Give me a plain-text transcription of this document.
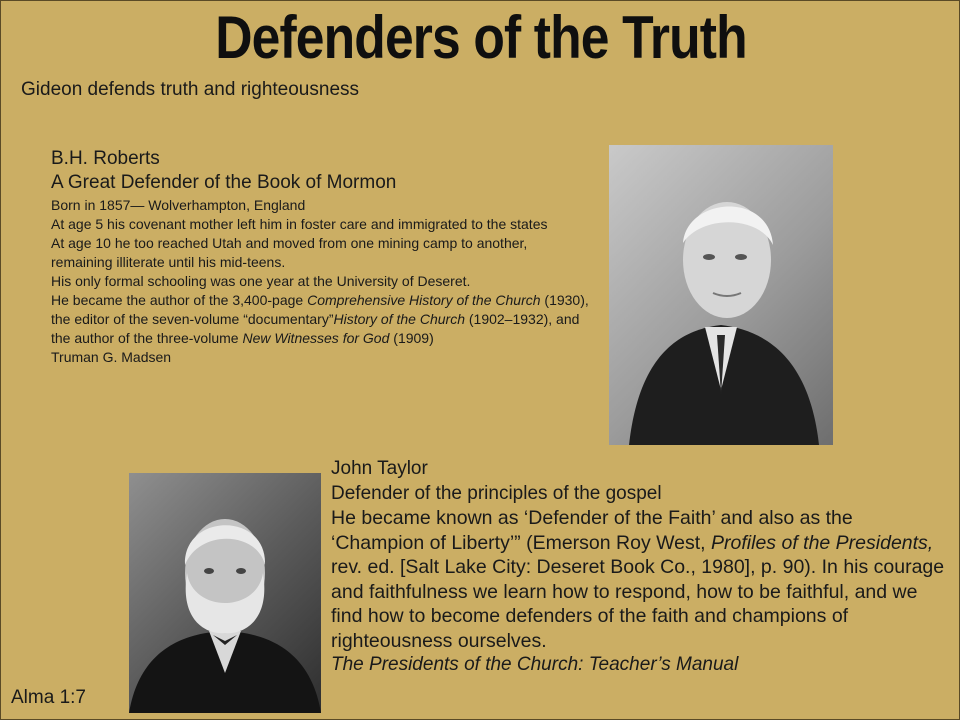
Defenders of the Truth
Gideon defends truth and righteousness
B.H. Roberts
A Great Defender of the Book of Mormon
Born in 1857— Wolverhampton, England
At age 5 his covenant mother left him in foster care and immigrated to the states
At age 10 he too reached Utah and moved from one mining camp to another, remaining illiterate until his mid-teens.
His only formal schooling was one year at the University of Deseret.
He became the author of the 3,400-page Comprehensive History of the Church (1930), the editor of the seven-volume “documentary”History of the Church (1902–1932), and the author of the three-volume New Witnesses for God (1909)
Truman G. Madsen
John Taylor
Defender of the principles of the gospel
He became known as ‘Defender of the Faith’ and also as the ‘Champion of Liberty’” (Emerson Roy West, Profiles of the Presidents, rev. ed. [Salt Lake City: Deseret Book Co., 1980], p. 90). In his courage and faithfulness we learn how to respond, how to be faithful, and we find how to become defenders of the faith and champions of righteousness ourselves.
The Presidents of the Church: Teacher’s Manual
Alma 1:7
